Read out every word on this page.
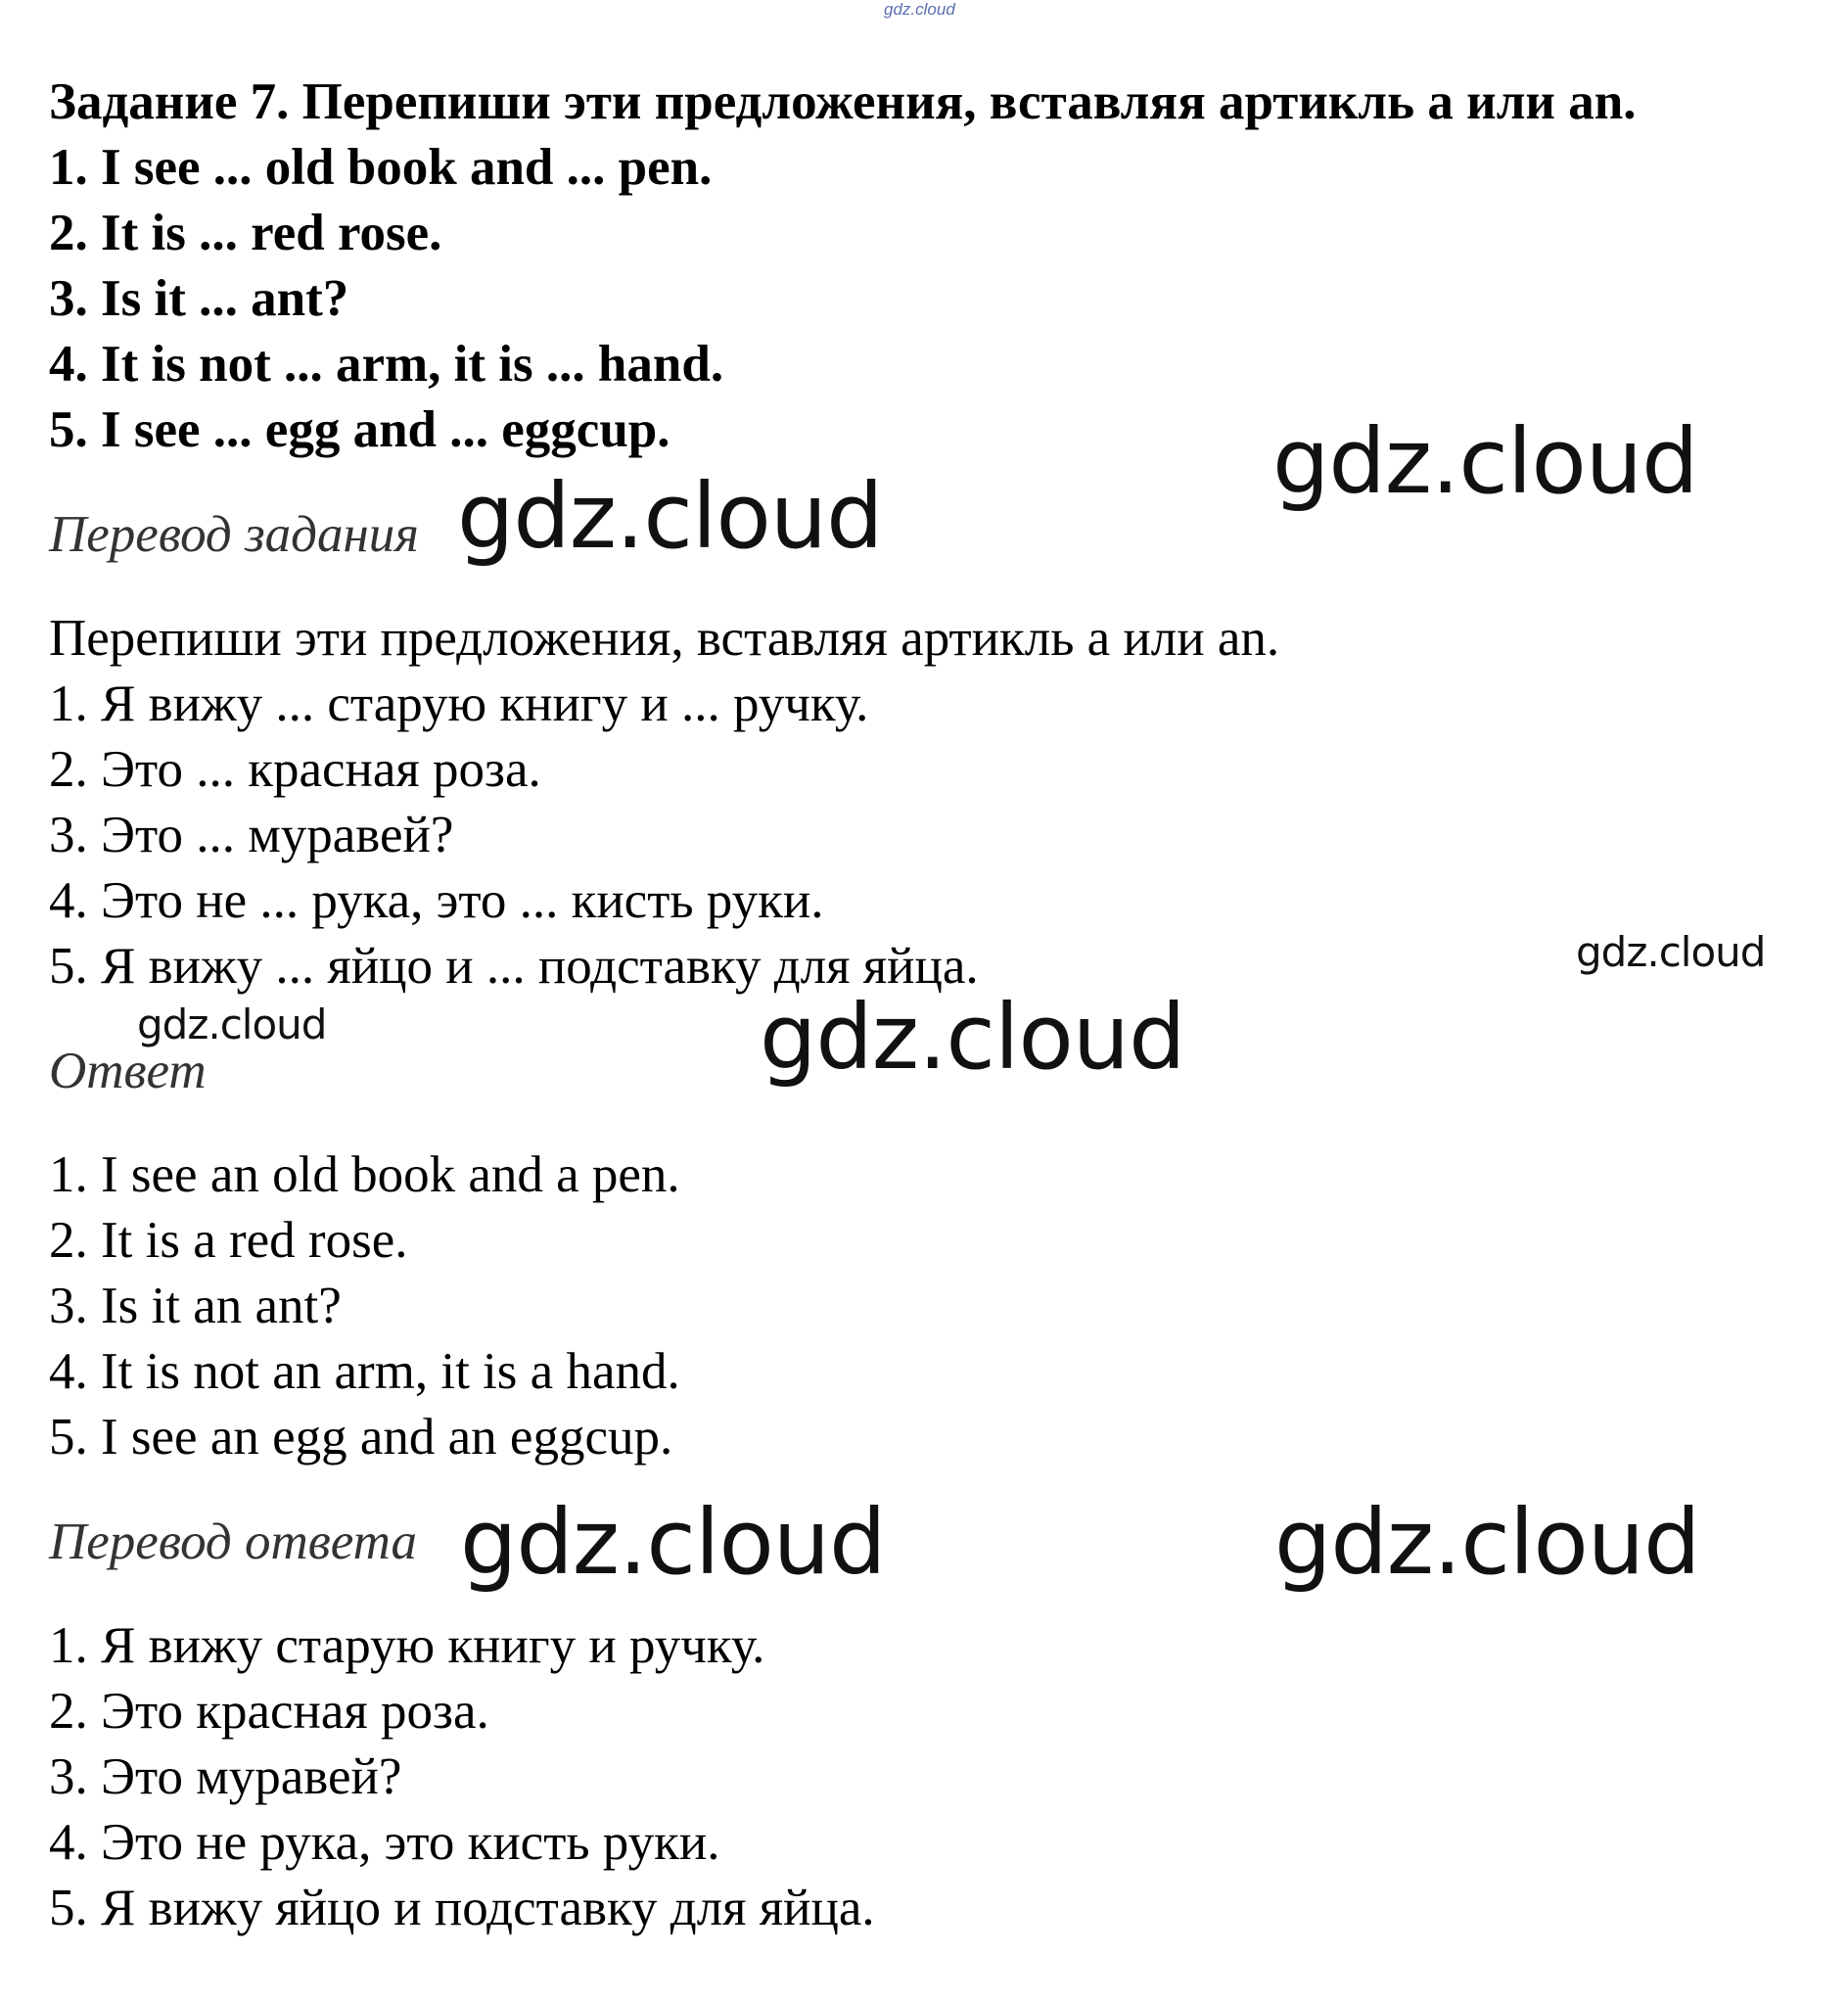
gdz.cloud
Задание 7. Перепиши эти предложения, вставляя артикль a или an.
1. I see ... old book and ... pen.
2. It is ... red rose.
3. Is it ... ant?
4. It is not ... arm, it is ... hand.
5. I see ... egg and ... eggcup.
Перевод задания
Перепиши эти предложения, вставляя артикль a или an.
1. Я вижу ... старую книгу и ... ручку.
2. Это ... красная роза.
3. Это ... муравей?
4. Это не ... рука, это ... кисть руки.
5. Я вижу ... яйцо и ... подставку для яйца.
Ответ
1. I see an old book and a pen.
2. It is a red rose.
3. Is it an ant?
4. It is not an arm, it is a hand.
5. I see an egg and an eggcup.
Перевод ответа
1. Я вижу старую книгу и ручку.
2. Это красная роза.
3. Это муравей?
4. Это не рука, это кисть руки.
5. Я вижу яйцо и подставку для яйца.
gdz.cloud
gdz.cloud
gdz.cloud
gdz.cloud	gdz.cloud
gdz.cloud	gdz.cloud
